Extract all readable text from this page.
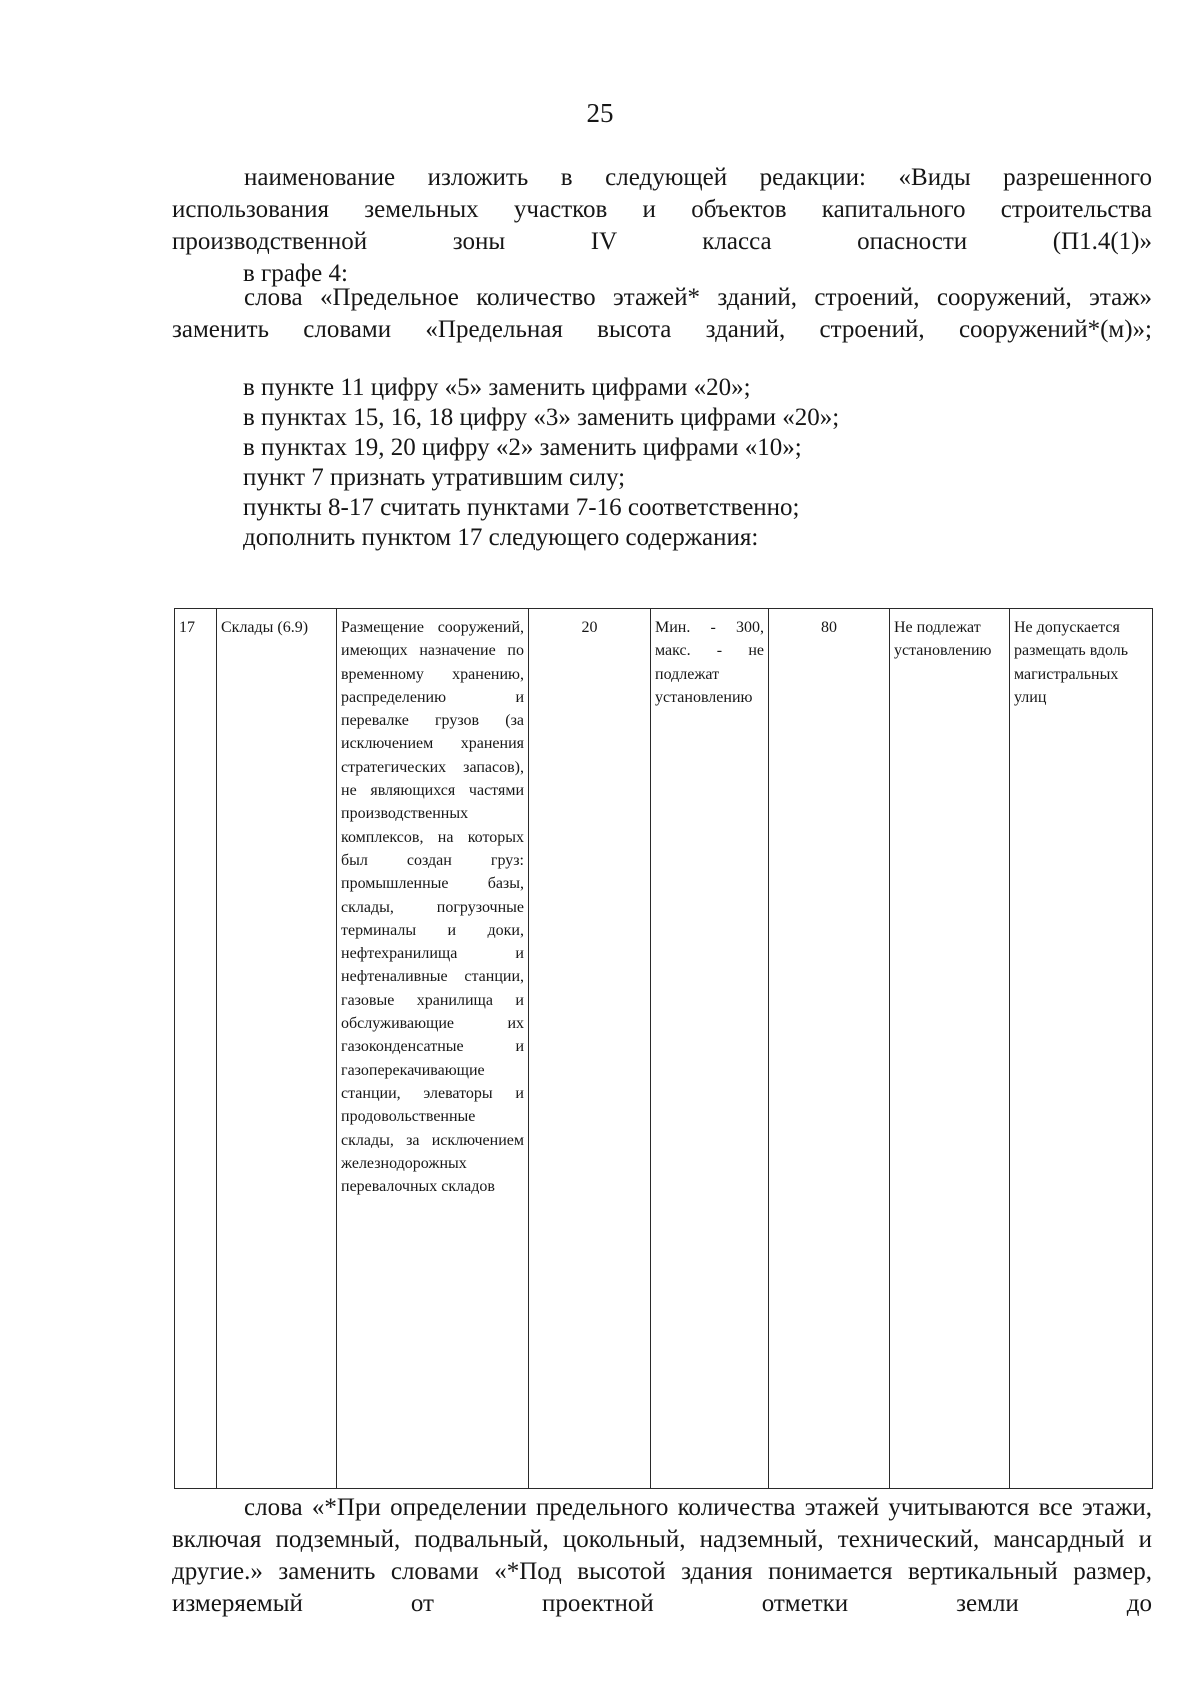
25

наименование изложить в следующей редакции: «Виды разрешенного использования земельных участков и объектов капитального строительства производственной зоны IV класса опасности (П1.4(1)»

в графе 4:

слова «Предельное количество этажей* зданий, строений, сооружений, этаж» заменить словами «Предельная высота зданий, строений, сооружений*(м)»;

в пункте 11 цифру «5» заменить цифрами «20»;
в пунктах 15, 16, 18 цифру «3» заменить цифрами «20»;
в пунктах 19, 20 цифру «2» заменить цифрами «10»;
пункт 7 признать утратившим силу;
пункты 8-17 считать пунктами 7-16 соответственно;
дополнить пунктом 17 следующего содержания:
17	Склады (6.9)	Размещение сооружений, имеющих назначение по временному хранению, распределению и перевалке грузов (за исключением хранения стратегических запасов), не являющихся частями производственных комплексов, на которых был создан груз: промышленные базы, склады, погрузочные терминалы и доки, нефтехранилища и нефтеналивные станции, газовые хранилища и обслуживающие их газоконденсатные и газоперекачивающие станции, элеваторы и продовольственные склады, за исключением железнодорожных перевалочных складов	20	Мин. - 300, макс. - не подлежат установлению	80	Не подлежат установлению	Не допускается размещать вдоль магистральных улиц

слова «*При определении предельного количества этажей учитываются все этажи, включая подземный, подвальный, цокольный, надземный, технический, мансардный и другие.» заменить словами «*Под высотой здания понимается вертикальный размер, измеряемый от проектной отметки земли до
